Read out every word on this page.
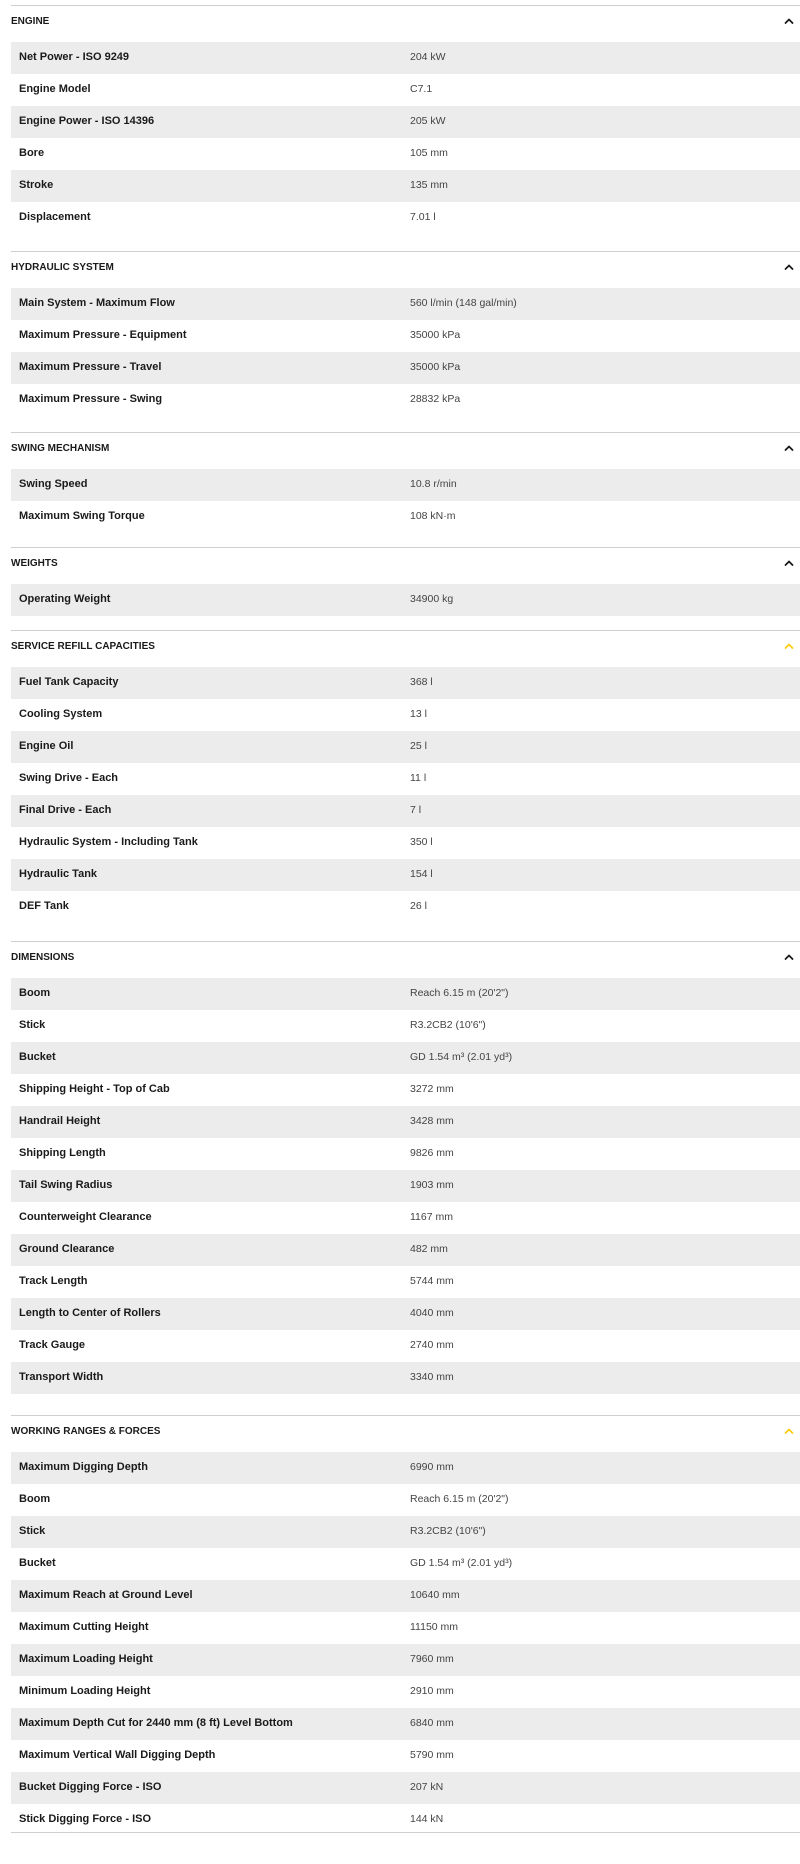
ENGINE
Net Power - ISO 9249	204 kW
Engine Model	C7.1
Engine Power - ISO 14396	205 kW
Bore	105 mm
Stroke	135 mm
Displacement	7.01 l
HYDRAULIC SYSTEM
Main System - Maximum Flow	560 l/min (148 gal/min)
Maximum Pressure - Equipment	35000 kPa
Maximum Pressure - Travel	35000 kPa
Maximum Pressure - Swing	28832 kPa
SWING MECHANISM
Swing Speed	10.8 r/min
Maximum Swing Torque	108 kN·m
WEIGHTS
Operating Weight	34900 kg
SERVICE REFILL CAPACITIES
Fuel Tank Capacity	368 l
Cooling System	13 l
Engine Oil	25 l
Swing Drive - Each	11 l
Final Drive - Each	7 l
Hydraulic System - Including Tank	350 l
Hydraulic Tank	154 l
DEF Tank	26 l
DIMENSIONS
Boom	Reach 6.15 m (20'2")
Stick	R3.2CB2 (10'6")
Bucket	GD 1.54 m³ (2.01 yd³)
Shipping Height - Top of Cab	3272 mm
Handrail Height	3428 mm
Shipping Length	9826 mm
Tail Swing Radius	1903 mm
Counterweight Clearance	1167 mm
Ground Clearance	482 mm
Track Length	5744 mm
Length to Center of Rollers	4040 mm
Track Gauge	2740 mm
Transport Width	3340 mm
WORKING RANGES & FORCES
Maximum Digging Depth	6990 mm
Boom	Reach 6.15 m (20'2")
Stick	R3.2CB2 (10'6")
Bucket	GD 1.54 m³ (2.01 yd³)
Maximum Reach at Ground Level	10640 mm
Maximum Cutting Height	11150 mm
Maximum Loading Height	7960 mm
Minimum Loading Height	2910 mm
Maximum Depth Cut for 2440 mm (8 ft) Level Bottom	6840 mm
Maximum Vertical Wall Digging Depth	5790 mm
Bucket Digging Force - ISO	207 kN
Stick Digging Force - ISO	144 kN
